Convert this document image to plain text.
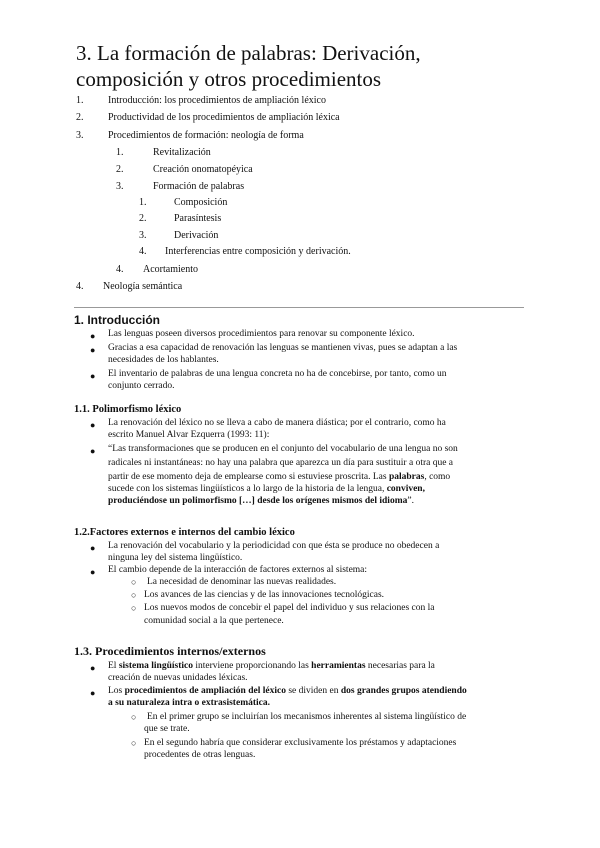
3. La formación de palabras: Derivación,
composición y otros procedimientos
1. Introducción: los procedimientos de ampliación léxico
2. Productividad de los procedimientos de ampliación léxica
3. Procedimientos de formación: neología de forma
1.	Revitalización
2.	Creación onomatopéyica
3.	Formación de palabras
1.	Composición
2.	Parasíntesis
3.	Derivación
4. Interferencias entre composición y derivación.
4. Acortamiento
4. Neología semántica
1. Introducción
● Las lenguas poseen diversos procedimientos para renovar su componente léxico.
● Gracias a esa capacidad de renovación las lenguas se mantienen vivas, pues se adaptan a las
necesidades de los hablantes.
● El inventario de palabras de una lengua concreta no ha de concebirse, por tanto, como un
conjunto cerrado.
1.1. Polimorfismo léxico
● La renovación del léxico no se lleva a cabo de manera diástica; por el contrario, como ha
escrito Manuel Alvar Ezquerra (1993: 11):
● “Las transformaciones que se producen en el conjunto del vocabulario de una lengua no son
radicales ni instantáneas: no hay una palabra que aparezca un día para sustituir a otra que a
partir de ese momento deja de emplearse como si estuviese proscrita. Las palabras, como
sucede con los sistemas lingüísticos a lo largo de la historia de la lengua, conviven,
produciéndose un polimorfismo […] desde los orígenes mismos del idioma”.
1.2.Factores externos e internos del cambio léxico
● La renovación del vocabulario y la periodicidad con que ésta se produce no obedecen a
ninguna ley del sistema lingüístico.
● El cambio depende de la interacción de factores externos al sistema:
○ La necesidad de denominar las nuevas realidades.
○ Los avances de las ciencias y de las innovaciones tecnológicas.
○ Los nuevos modos de concebir el papel del individuo y sus relaciones con la
comunidad social a la que pertenece.
1.3. Procedimientos internos/externos
● El sistema lingüístico interviene proporcionando las herramientas necesarias para la
creación de nuevas unidades léxicas.
● Los procedimientos de ampliación del léxico se dividen en dos grandes grupos atendiendo
a su naturaleza intra o extrasistemática.
○ En el primer grupo se incluirían los mecanismos inherentes al sistema lingüístico de
que se trate.
○ En el segundo habría que considerar exclusivamente los préstamos y adaptaciones
procedentes de otras lenguas.
